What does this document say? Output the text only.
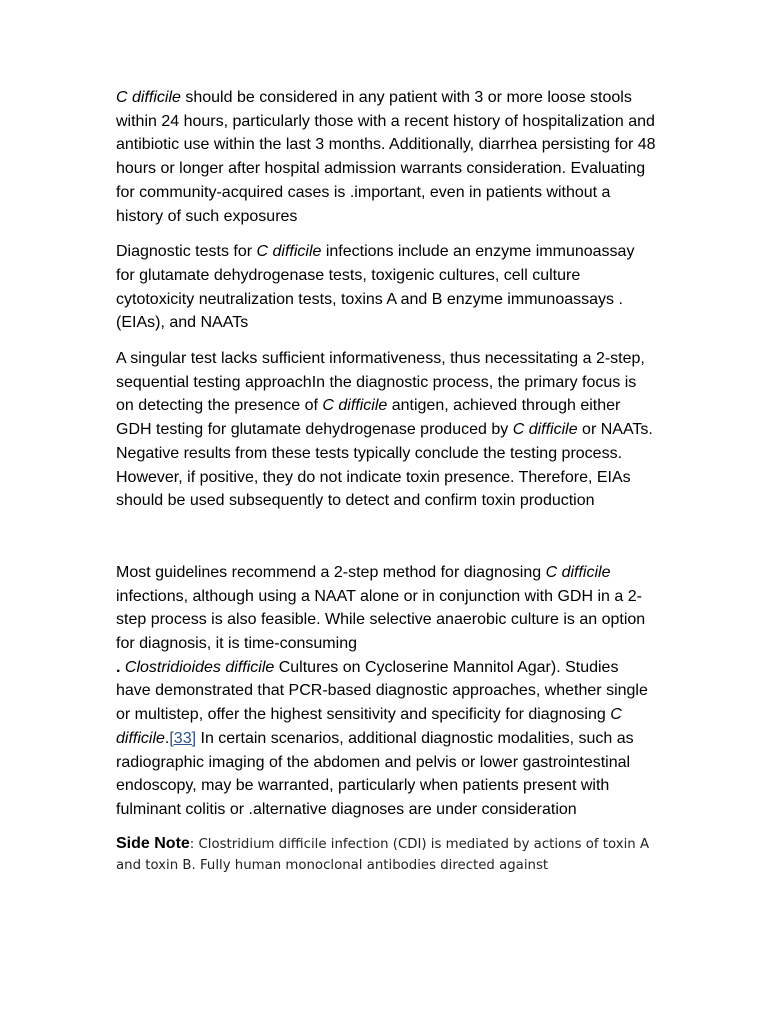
C difficile should be considered in any patient with 3 or more loose stools within 24 hours, particularly those with a recent history of hospitalization and antibiotic use within the last 3 months. Additionally, diarrhea persisting for 48 hours or longer after hospital admission warrants consideration. Evaluating for community-acquired cases is .important, even in patients without a history of such exposures

Diagnostic tests for C difficile infections include an enzyme immunoassay for glutamate dehydrogenase tests, toxigenic cultures, cell culture cytotoxicity neutralization tests, toxins A and B enzyme immunoassays .(EIAs), and NAATs

A singular test lacks sufficient informativeness, thus necessitating a 2-step, sequential testing approachIn the diagnostic process, the primary focus is on detecting the presence of C difficile antigen, achieved through either GDH testing for glutamate dehydrogenase produced by C difficile or NAATs. Negative results from these tests typically conclude the testing process. However, if positive, they do not indicate toxin presence. Therefore, EIAs should be used subsequently to detect and confirm toxin production

Most guidelines recommend a 2-step method for diagnosing C difficile infections, although using a NAAT alone or in conjunction with GDH in a 2-step process is also feasible. While selective anaerobic culture is an option for diagnosis, it is time-consuming
. Clostridioides difficile Cultures on Cycloserine Mannitol Agar). Studies have demonstrated that PCR-based diagnostic approaches, whether single or multistep, offer the highest sensitivity and specificity for diagnosing C difficile.[33] In certain scenarios, additional diagnostic modalities, such as radiographic imaging of the abdomen and pelvis or lower gastrointestinal endoscopy, may be warranted, particularly when patients present with fulminant colitis or .alternative diagnoses are under consideration

Side Note: Clostridium difficile infection (CDI) is mediated by actions of toxin A and toxin B. Fully human monoclonal antibodies directed against
